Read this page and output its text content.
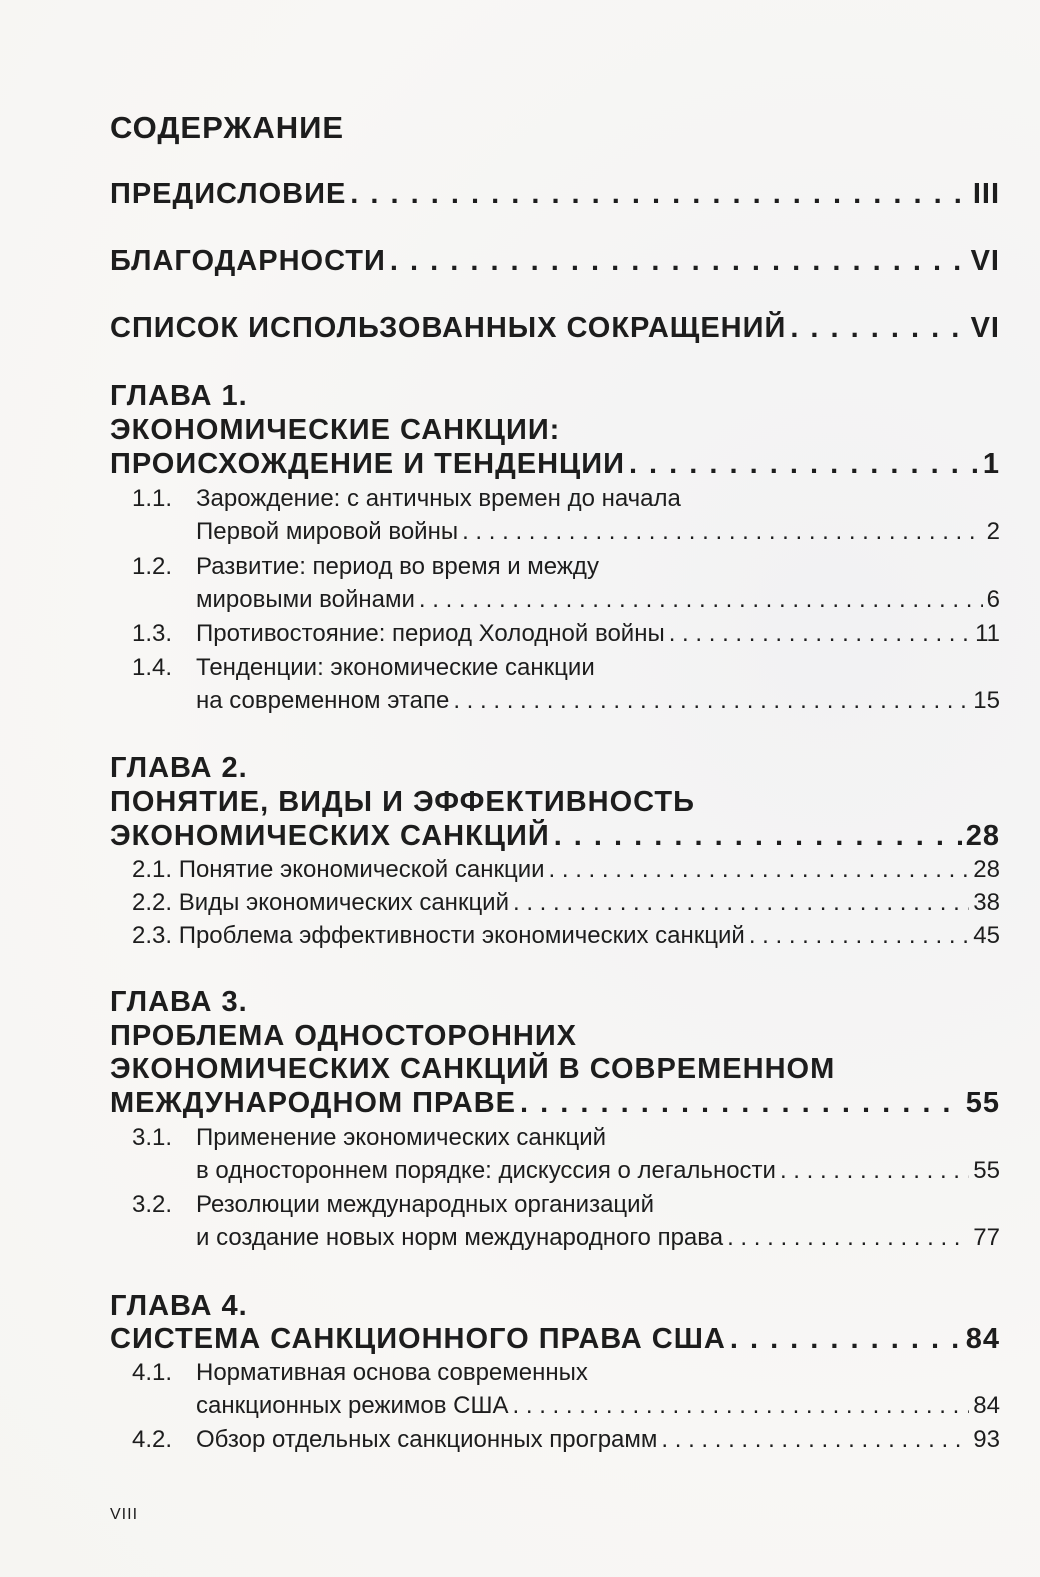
СОДЕРЖАНИЕ
ПРЕДИСЛОВИЕ . . .	III
БЛАГОДАРНОСТИ . . .	VI
СПИСОК ИСПОЛЬЗОВАННЫХ СОКРАЩЕНИЙ . . .	VI
ГЛАВА 1.
ЭКОНОМИЧЕСКИЕ САНКЦИИ:
ПРОИСХОЖДЕНИЕ И ТЕНДЕНЦИИ . . .	1
1.1. Зарождение: с античных времен до начала
Первой мировой войны . . .	2
1.2. Развитие: период во время и между
мировыми войнами . . .	6
1.3. Противостояние: период Холодной войны . . .	11
1.4. Тенденции: экономические санкции
на современном этапе . . .	15
ГЛАВА 2.
ПОНЯТИЕ, ВИДЫ И ЭФФЕКТИВНОСТЬ
ЭКОНОМИЧЕСКИХ САНКЦИЙ . . .	28
2.1. Понятие экономической санкции . . .	28
2.2. Виды экономических санкций . . .	38
2.3. Проблема эффективности экономических санкций . . .	45
ГЛАВА 3.
ПРОБЛЕМА ОДНОСТОРОННИХ
ЭКОНОМИЧЕСКИХ САНКЦИЙ В СОВРЕМЕННОМ
МЕЖДУНАРОДНОМ ПРАВЕ . . .	55
3.1. Применение экономических санкций
в одностороннем порядке: дискуссия о легальности . . .	55
3.2. Резолюции международных организаций
и создание новых норм международного права . . .	77
ГЛАВА 4.
СИСТЕМА САНКЦИОННОГО ПРАВА США . . .	84
4.1. Нормативная основа современных
санкционных режимов США . . .	84
4.2. Обзор отдельных санкционных программ . . .	93
VIII
